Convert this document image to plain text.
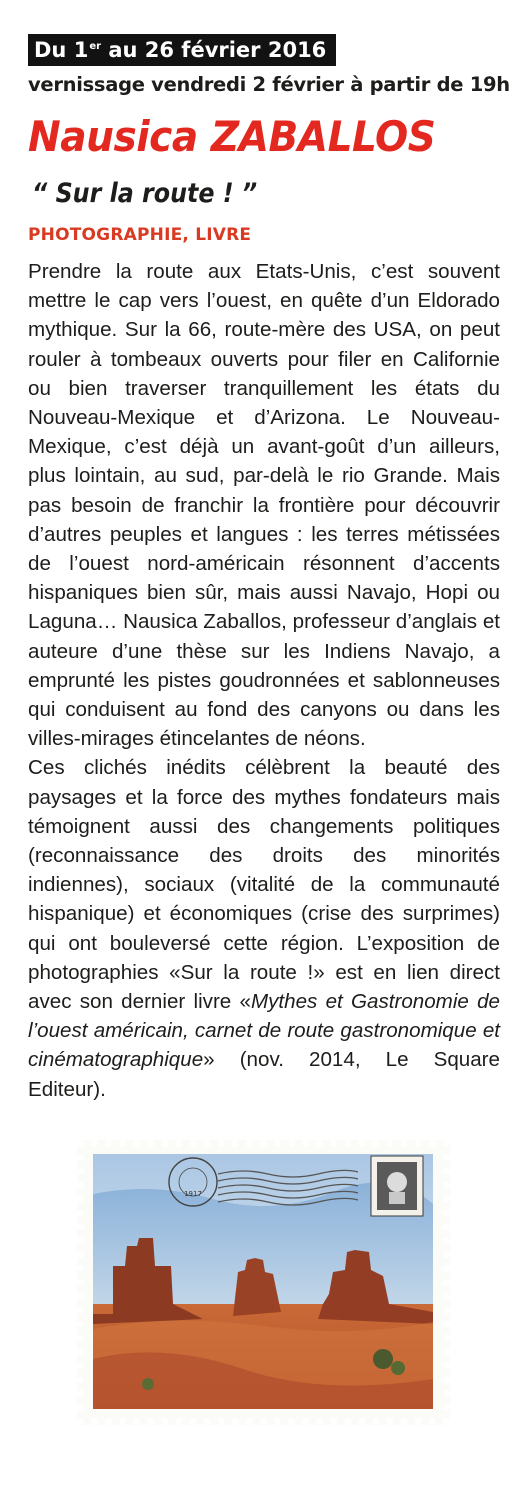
Du 1er au 26 février 2016
vernissage vendredi 2 février à partir de 19h
Nausica ZABALLOS
“ Sur la route ! ”
PHOTOGRAPHIE, LIVRE

Prendre la route aux Etats-Unis, c’est souvent mettre le cap vers l’ouest, en quête d’un Eldorado mythique. Sur la 66, route-mère des USA, on peut rouler à tombeaux ouverts pour filer en Californie ou bien traverser tranquillement les états du Nouveau-Mexique et d’Arizona. Le Nouveau-Mexique, c’est déjà un avant-goût d’un ailleurs, plus lointain, au sud, par-delà le rio Grande. Mais pas besoin de franchir la frontière pour découvrir d’autres peuples et langues : les terres métissées de l’ouest nord-américain résonnent d’accents hispaniques bien sûr, mais aussi Navajo, Hopi ou Laguna… Nausica Zaballos, professeur d’anglais et auteure d’une thèse sur les Indiens Navajo, a emprunté les pistes goudronnées et sablonneuses qui conduisent au fond des canyons ou dans les villes-mirages étincelantes de néons.

Ces clichés inédits célèbrent la beauté des paysages et la force des mythes fondateurs mais témoignent aussi des changements politiques (reconnaissance des droits des minorités indiennes), sociaux (vitalité de la communauté hispanique) et économiques (crise des surprimes) qui ont bouleversé cette région. L’exposition de photographies «Sur la route !» est en lien direct avec son dernier livre «Mythes et Gastronomie de l’ouest américain, carnet de route gastronomique et cinématographique» (nov. 2014, Le Square Editeur).

1917
